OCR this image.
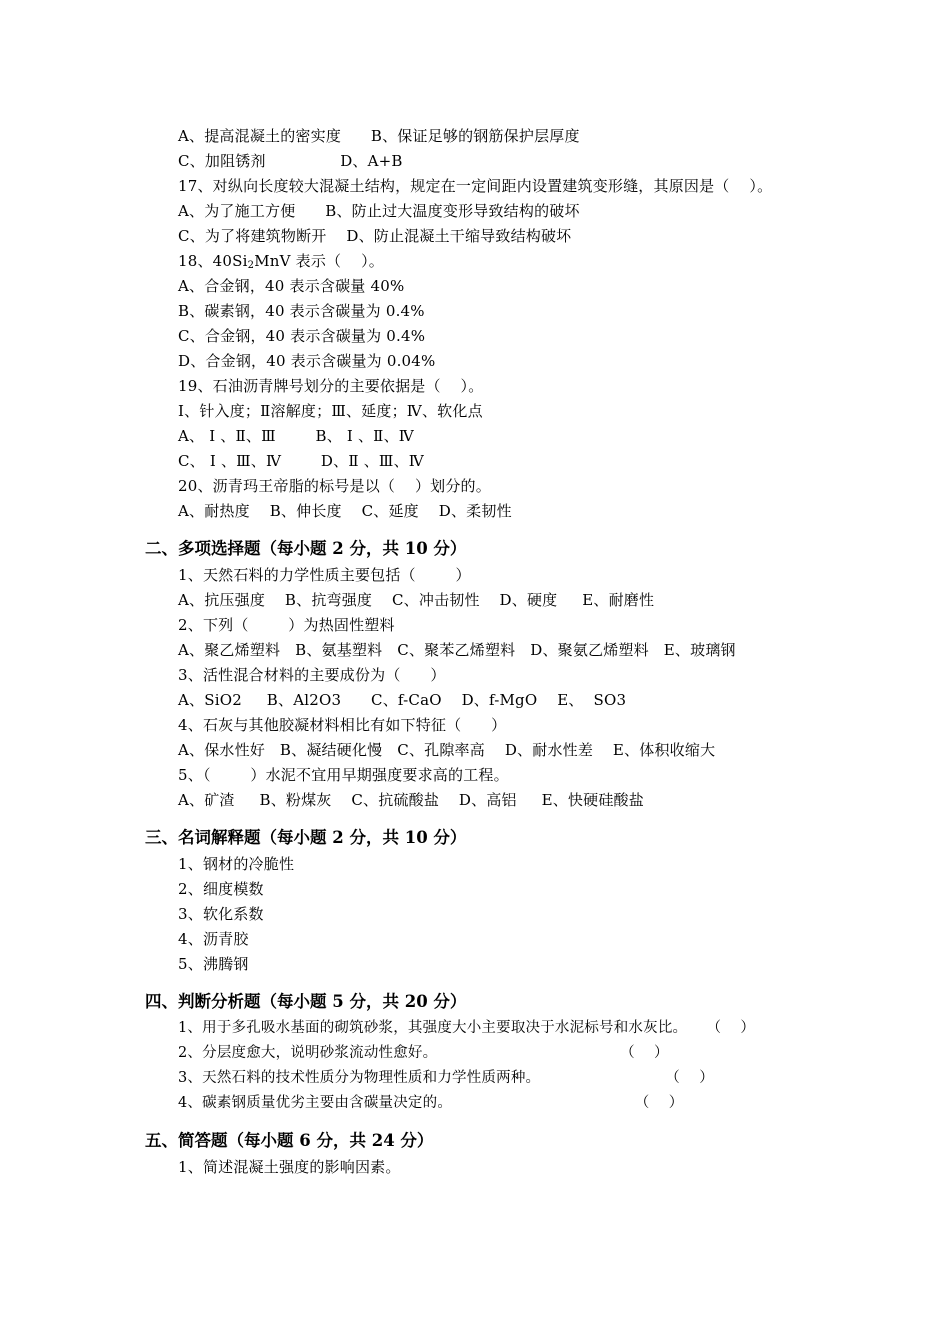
A、提高混凝土的密实度      B、保证足够的钢筋保护层厚度
C、加阻锈剂               D、A+B
17、对纵向长度较大混凝土结构，规定在一定间距内设置建筑变形缝，其原因是（    ）。
A、为了施工方便      B、防止过大温度变形导致结构的破坏
C、为了将建筑物断开    D、防止混凝土干缩导致结构破坏
18、$40Si_2MnV$ 表示（    ）。
A、合金钢，40 表示含碳量 40%
B、碳素钢，40 表示含碳量为 0.4%
C、合金钢，40 表示含碳量为 0.4%
D、合金钢，40 表示含碳量为 0.04%
19、石油沥青牌号划分的主要依据是（    ）。
Ⅰ、针入度；Ⅱ溶解度；Ⅲ、延度；Ⅳ、软化点
A、 Ⅰ 、Ⅱ、Ⅲ        B、 Ⅰ 、Ⅱ、Ⅳ
C、 Ⅰ 、Ⅲ、Ⅳ        D、Ⅱ 、Ⅲ、Ⅳ
20、沥青玛王帝脂的标号是以（    ）划分的。
A、耐热度    B、伸长度    C、延度    D、柔韧性
二、多项选择题（每小题 2 分，共 10 分）
1、天然石料的力学性质主要包括（        ）
A、抗压强度    B、抗弯强度    C、冲击韧性    D、硬度     E、耐磨性
2、下列（        ）为热固性塑料
A、聚乙烯塑料   B、氨基塑料   C、聚苯乙烯塑料   D、聚氨乙烯塑料   E、玻璃钢
3、活性混合材料的主要成份为（      ）
A、SiO2     B、Al2O3      C、f-CaO    D、f-MgO    E、  SO3
4、石灰与其他胶凝材料相比有如下特征（      ）
A、保水性好   B、凝结硬化慢   C、孔隙率高    D、耐水性差    E、体积收缩大
5、（        ）水泥不宜用早期强度要求高的工程。
A、矿渣     B、粉煤灰    C、抗硫酸盐    D、高铝     E、快硬硅酸盐
三、名词解释题（每小题 2 分，共 10 分）
1、钢材的冷脆性
2、细度模数
3、软化系数
4、沥青胶
5、沸腾钢
四、判断分析题（每小题 5 分，共 20 分）
1、用于多孔吸水基面的砌筑砂浆，其强度大小主要取决于水泥标号和水灰比。    （    ）
2、分层度愈大，说明砂浆流动性愈好。                                      （    ）
3、天然石料的技术性质分为物理性质和力学性质两种。                          （    ）
4、碳素钢质量优劣主要由含碳量决定的。                                      （    ）
五、简答题（每小题 6 分，共 24 分）
1、简述混凝土强度的影响因素。
